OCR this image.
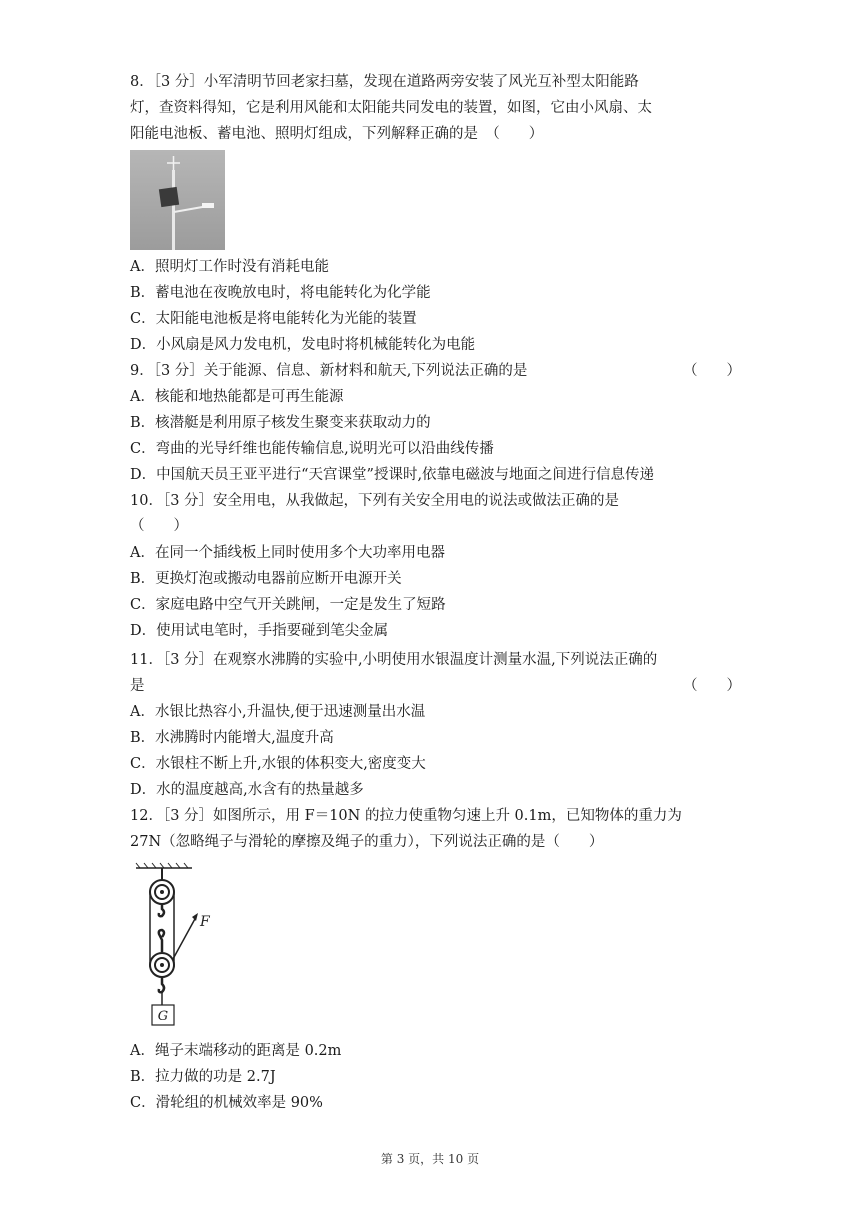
8．［3 分］小军清明节回老家扫墓，发现在道路两旁安装了风光互补型太阳能路
灯，查资料得知，它是利用风能和太阳能共同发电的装置，如图，它由小风扇、太
阳能电池板、蓄电池、照明灯组成，下列解释正确的是　（　　）
A．照明灯工作时没有消耗电能
B．蓄电池在夜晚放电时，将电能转化为化学能
C．太阳能电池板是将电能转化为光能的装置
D．小风扇是风力发电机，发电时将机械能转化为电能
9．［3 分］关于能源、信息、新材料和航天,下列说法正确的是	（　　）
A．核能和地热能都是可再生能源
B．核潜艇是利用原子核发生聚变来获取动力的
C．弯曲的光导纤维也能传输信息,说明光可以沿曲线传播
D．中国航天员王亚平进行“天宫课堂”授课时,依靠电磁波与地面之间进行信息传递
10．［3 分］安全用电，从我做起，下列有关安全用电的说法或做法正确的是
（　　）
A．在同一个插线板上同时使用多个大功率用电器
B．更换灯泡或搬动电器前应断开电源开关
C．家庭电路中空气开关跳闸，一定是发生了短路
D．使用试电笔时，手指要碰到笔尖金属
11．［3 分］在观察水沸腾的实验中,小明使用水银温度计测量水温,下列说法正确的
是	（　　）
A．水银比热容小,升温快,便于迅速测量出水温
B．水沸腾时内能增大,温度升高
C．水银柱不断上升,水银的体积变大,密度变大
D．水的温度越高,水含有的热量越多
12．［3 分］如图所示，用 F＝10N 的拉力使重物匀速上升 0.1m，已知物体的重力为
27N（忽略绳子与滑轮的摩擦及绳子的重力），下列说法正确的是（　　）
F
G
A．绳子末端移动的距离是 0.2m
B．拉力做的功是 2.7J
C．滑轮组的机械效率是 90%
第 3 页，共 10 页
